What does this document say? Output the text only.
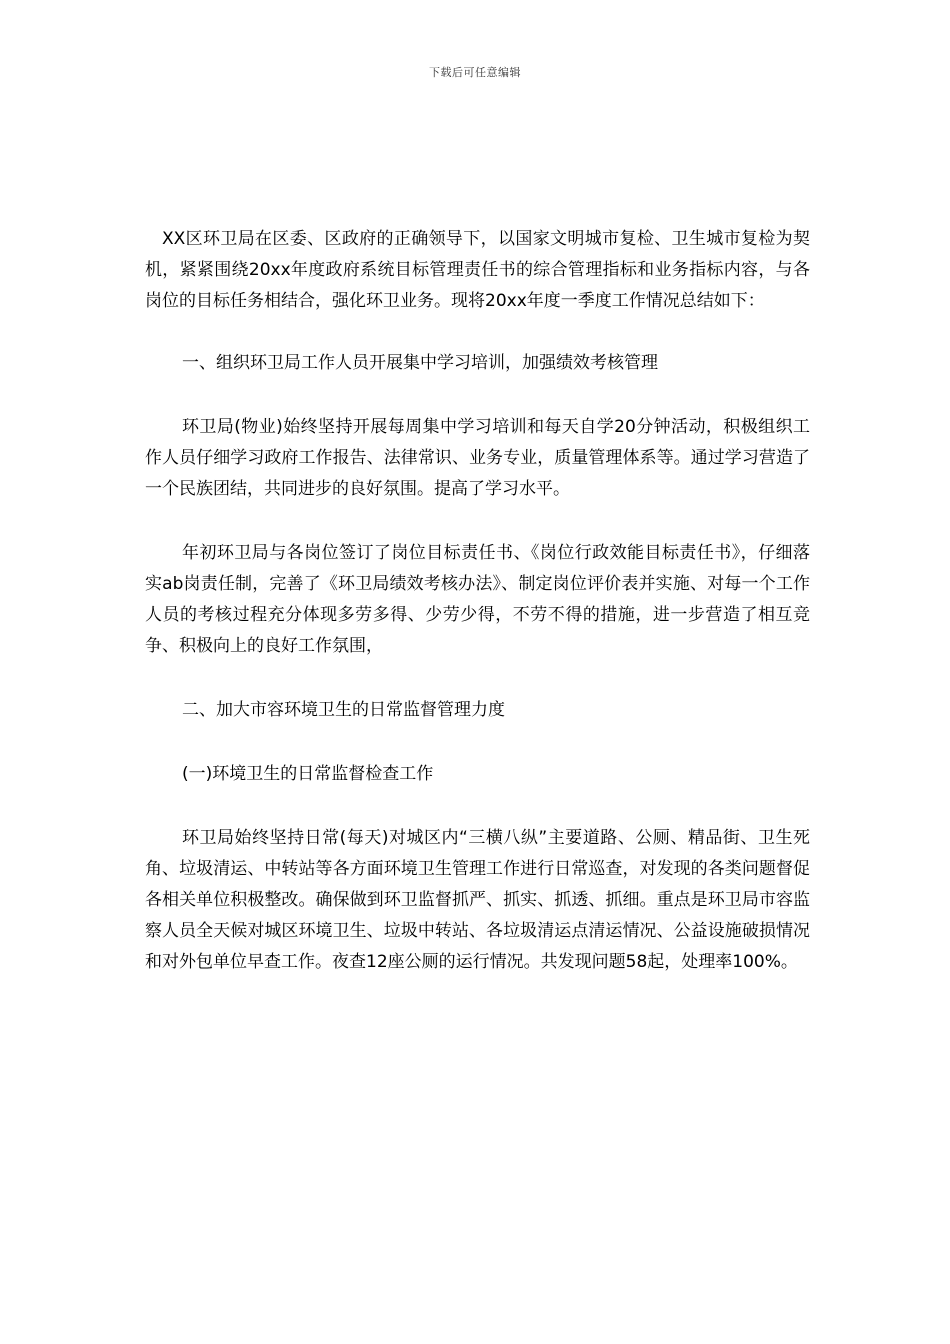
下载后可任意编辑

XX区环卫局在区委、区政府的正确领导下，以国家文明城市复检、卫生城市复检为契机，紧紧围绕20xx年度政府系统目标管理责任书的综合管理指标和业务指标内容，与各岗位的目标任务相结合，强化环卫业务。现将20xx年度一季度工作情况总结如下：

一、组织环卫局工作人员开展集中学习培训，加强绩效考核管理

环卫局(物业)始终坚持开展每周集中学习培训和每天自学20分钟活动，积极组织工作人员仔细学习政府工作报告、法律常识、业务专业，质量管理体系等。通过学习营造了一个民族团结，共同进步的良好氛围。提高了学习水平。

年初环卫局与各岗位签订了岗位目标责任书、《岗位行政效能目标责任书》，仔细落实ab岗责任制，完善了《环卫局绩效考核办法》、制定岗位评价表并实施、对每一个工作人员的考核过程充分体现多劳多得、少劳少得，不劳不得的措施，进一步营造了相互竞争、积极向上的良好工作氛围，

二、加大市容环境卫生的日常监督管理力度

(一)环境卫生的日常监督检查工作

环卫局始终坚持日常(每天)对城区内“三横八纵”主要道路、公厕、精品街、卫生死角、垃圾清运、中转站等各方面环境卫生管理工作进行日常巡查，对发现的各类问题督促各相关单位积极整改。确保做到环卫监督抓严、抓实、抓透、抓细。重点是环卫局市容监察人员全天候对城区环境卫生、垃圾中转站、各垃圾清运点清运情况、公益设施破损情况和对外包单位早查工作。夜查12座公厕的运行情况。共发现问题58起，处理率100%。
